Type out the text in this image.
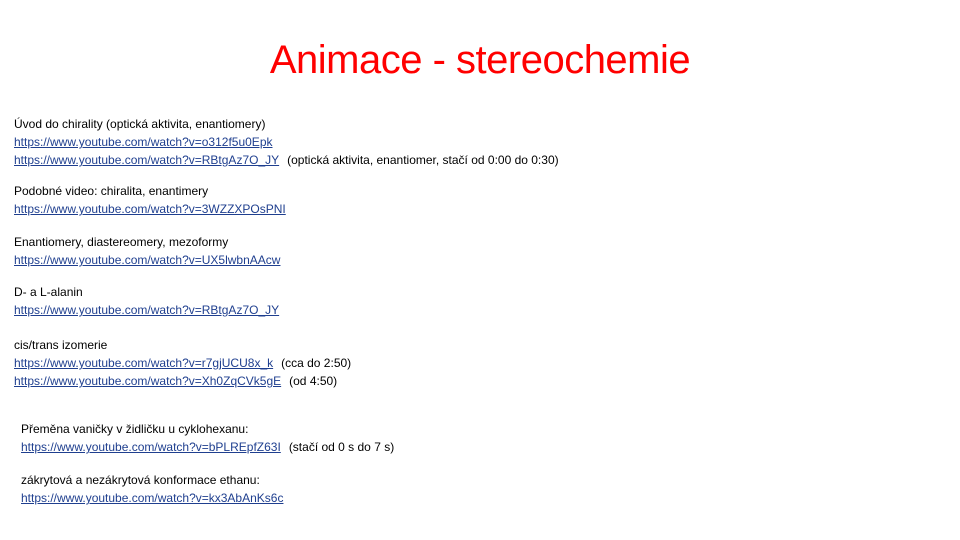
Animace - stereochemie
Úvod do chirality (optická aktivita, enantiomery)
https://www.youtube.com/watch?v=o312f5u0Epk
https://www.youtube.com/watch?v=RBtgAz7O_JY (optická aktivita, enantiomer, stačí od 0:00 do 0:30)
Podobné video: chiralita, enantimery
https://www.youtube.com/watch?v=3WZZXPOsPNI
Enantiomery, diastereomery, mezoformy
https://www.youtube.com/watch?v=UX5lwbnAAcw
D- a L-alanin
https://www.youtube.com/watch?v=RBtgAz7O_JY
cis/trans izomerie
https://www.youtube.com/watch?v=r7gjUCU8x_k (cca do 2:50)
https://www.youtube.com/watch?v=Xh0ZqCVk5gE (od 4:50)
Přeměna vaničky v židličku u cyklohexanu:
https://www.youtube.com/watch?v=bPLREpfZ63I (stačí od 0 s do 7 s)
zákrytová a nezákrytová konformace ethanu:
https://www.youtube.com/watch?v=kx3AbAnKs6c
